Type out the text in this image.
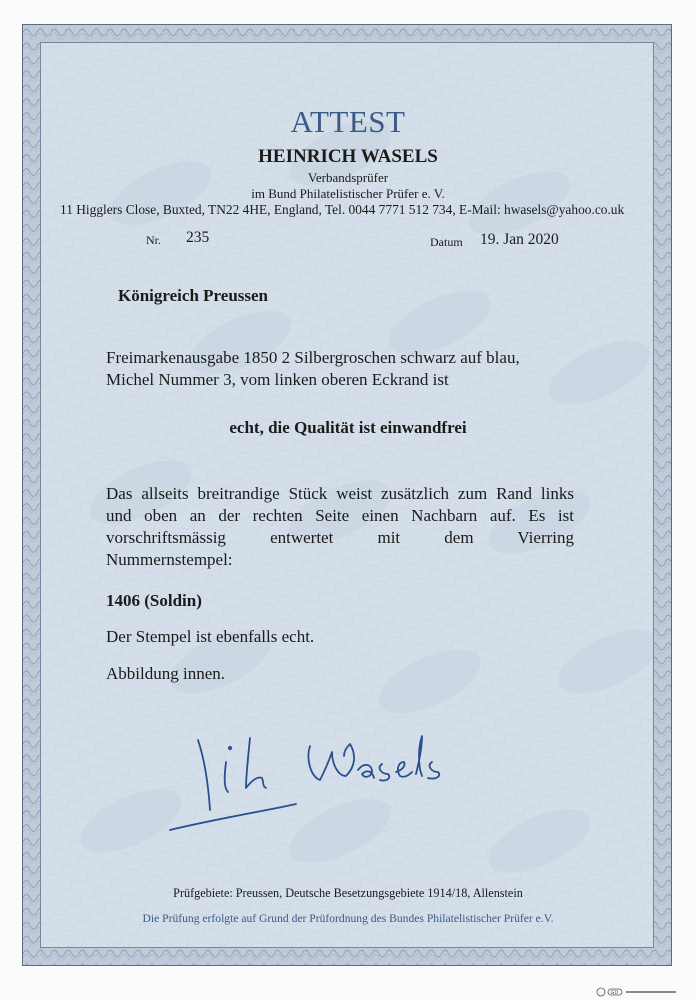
ATTEST
HEINRICH WASELS
Verbandsprüfer
im Bund Philatelistischer Prüfer e. V.
11 Higglers Close, Buxted, TN22 4HE, England, Tel. 0044 7771 512 734, E-Mail: hwasels@yahoo.co.uk
Nr. 235	Datum 19. Jan 2020
Königreich Preussen
Freimarkenausgabe 1850 2 Silbergroschen schwarz auf blau,
Michel Nummer 3, vom linken oberen Eckrand ist
echt, die Qualität ist einwandfrei
Das allseits breitrandige Stück weist zusätzlich zum Rand links
und oben an der rechten Seite einen Nachbarn auf. Es ist
vorschriftsmässig entwertet mit dem Vierring
Nummernstempel:
1406 (Soldin)
Der Stempel ist ebenfalls echt.
Abbildung innen.
Prüfgebiete: Preussen, Deutsche Besetzungsgebiete 1914/18, Allenstein
Die Prüfung erfolgte auf Grund der Prüfordnung des Bundes Philatelistischer Prüfer e.V.
GD
